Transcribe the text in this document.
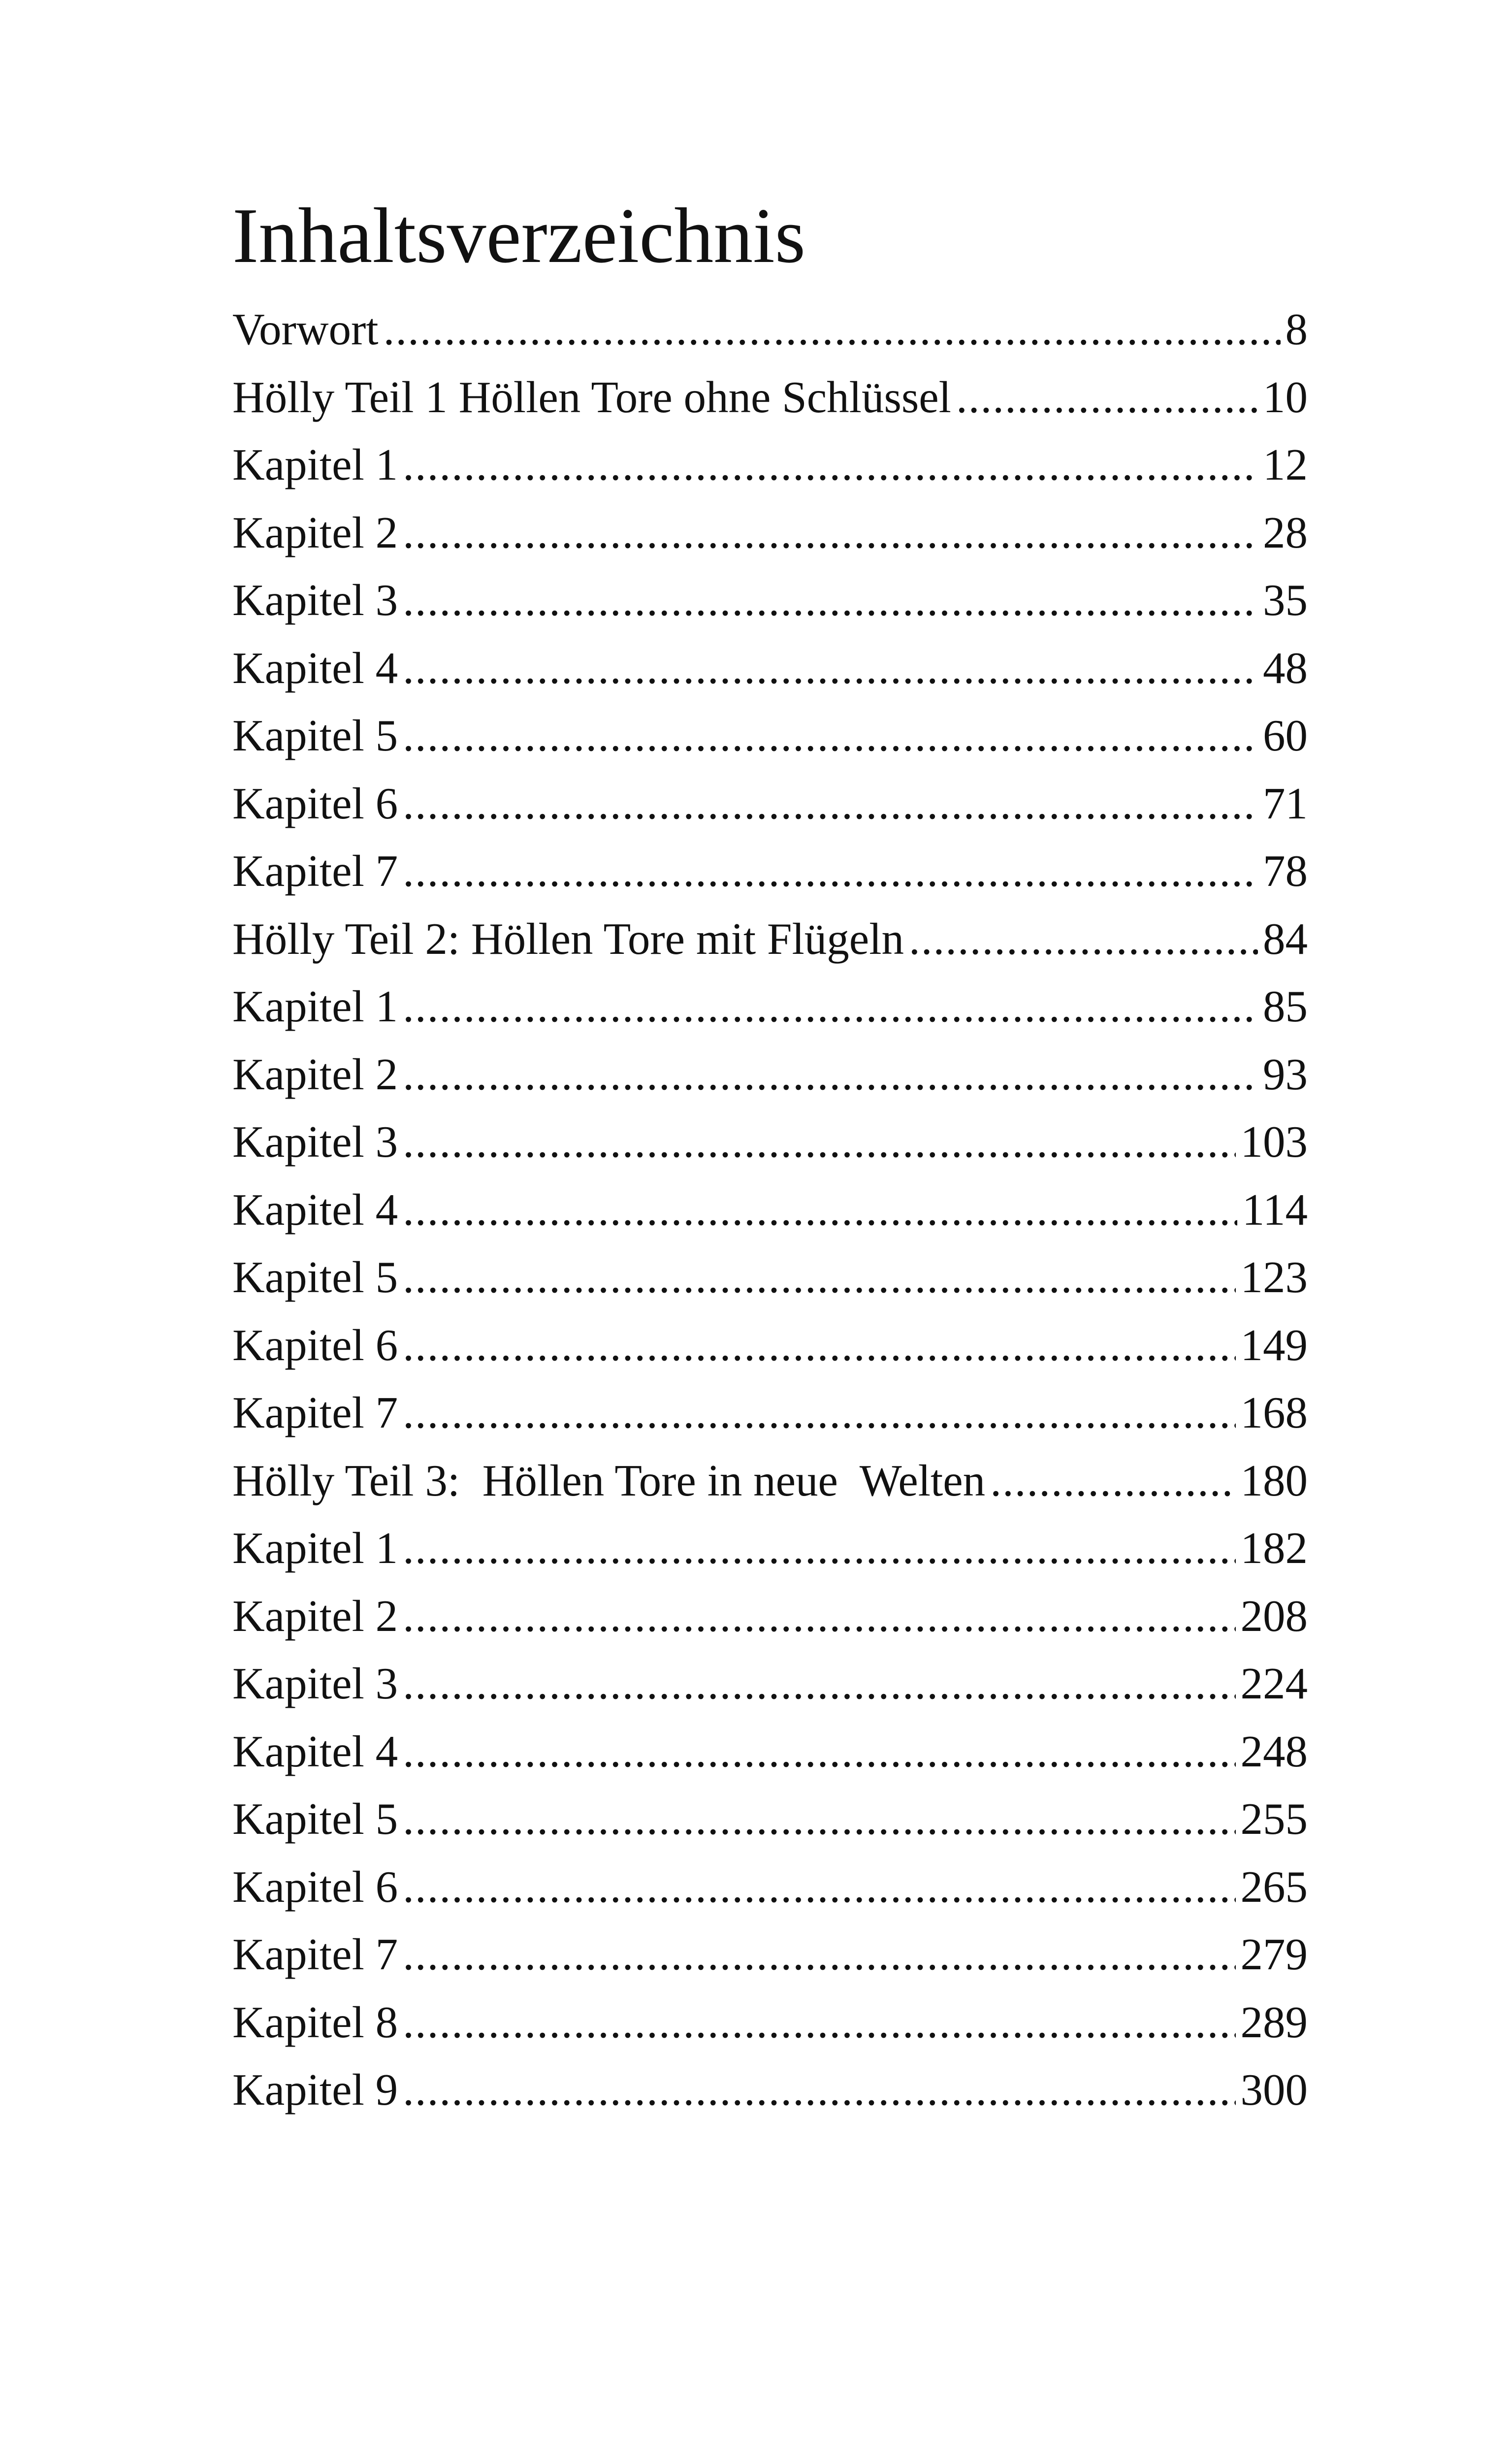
Inhaltsverzeichnis
Vorwort .....	8
Hölly Teil 1 Höllen Tore ohne Schlüssel .....	10
Kapitel 1 .....	12
Kapitel 2 .....	28
Kapitel 3 .....	35
Kapitel 4 .....	48
Kapitel 5 .....	60
Kapitel 6 .....	71
Kapitel 7 .....	78
Hölly Teil 2: Höllen Tore mit Flügeln .....	84
Kapitel 1 .....	85
Kapitel 2 .....	93
Kapitel 3 .....	103
Kapitel 4 .....	114
Kapitel 5 .....	123
Kapitel 6 .....	149
Kapitel 7 .....	168
Hölly Teil 3:  Höllen Tore in neue  Welten .....	180
Kapitel 1 .....	182
Kapitel 2 .....	208
Kapitel 3 .....	224
Kapitel 4 .....	248
Kapitel 5 .....	255
Kapitel 6 .....	265
Kapitel 7 .....	279
Kapitel 8 .....	289
Kapitel 9 .....	300
